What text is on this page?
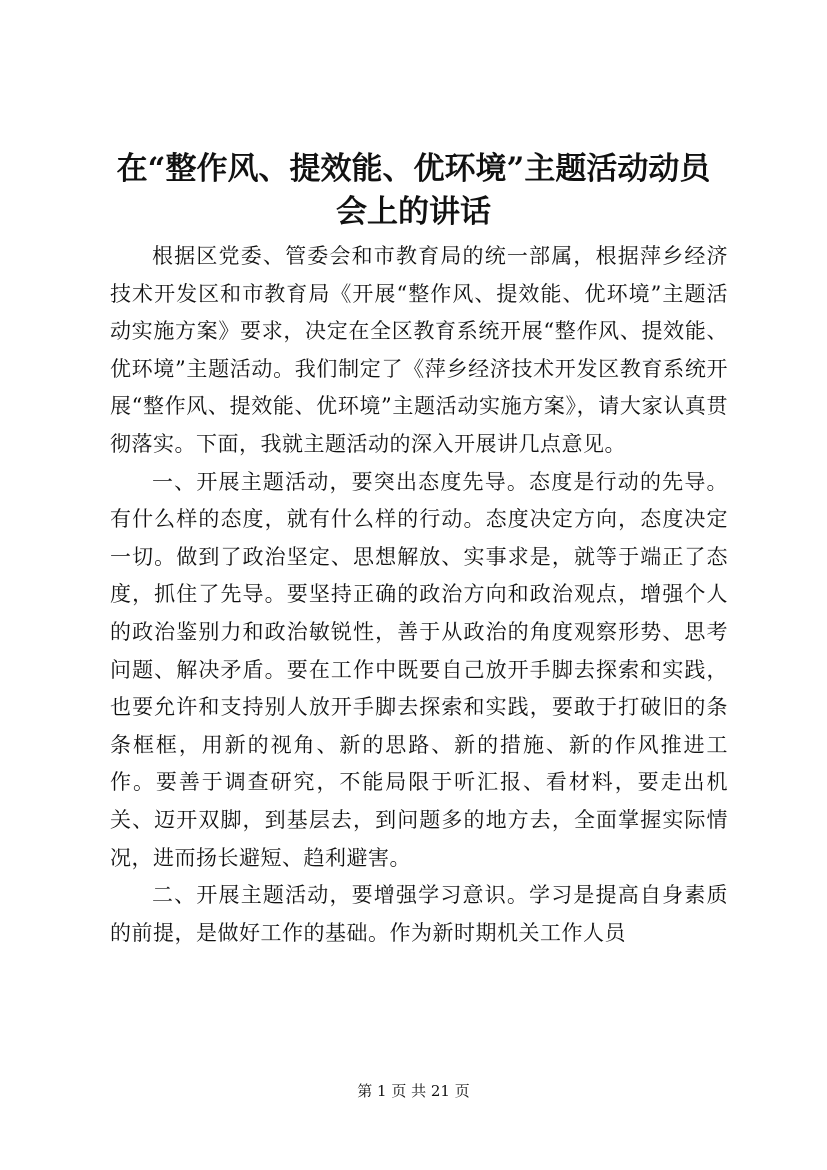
在“整作风、提效能、优环境”主题活动动员
会上的讲话

根据区党委、管委会和市教育局的统一部属，根据萍乡经济技术开发区和市教育局《开展“整作风、提效能、优环境”主题活动实施方案》要求，决定在全区教育系统开展“整作风、提效能、优环境”主题活动。我们制定了《萍乡经济技术开发区教育系统开展“整作风、提效能、优环境”主题活动实施方案》，请大家认真贯彻落实。下面，我就主题活动的深入开展讲几点意见。

一、开展主题活动，要突出态度先导。态度是行动的先导。有什么样的态度，就有什么样的行动。态度决定方向，态度决定一切。做到了政治坚定、思想解放、实事求是，就等于端正了态度，抓住了先导。要坚持正确的政治方向和政治观点，增强个人的政治鉴别力和政治敏锐性，善于从政治的角度观察形势、思考问题、解决矛盾。要在工作中既要自己放开手脚去探索和实践，也要允许和支持别人放开手脚去探索和实践，要敢于打破旧的条条框框，用新的视角、新的思路、新的措施、新的作风推进工作。要善于调查研究，不能局限于听汇报、看材料，要走出机关、迈开双脚，到基层去，到问题多的地方去，全面掌握实际情况，进而扬长避短、趋利避害。

二、开展主题活动，要增强学习意识。学习是提高自身素质的前提，是做好工作的基础。作为新时期机关工作人员

第 1 页 共 21 页
